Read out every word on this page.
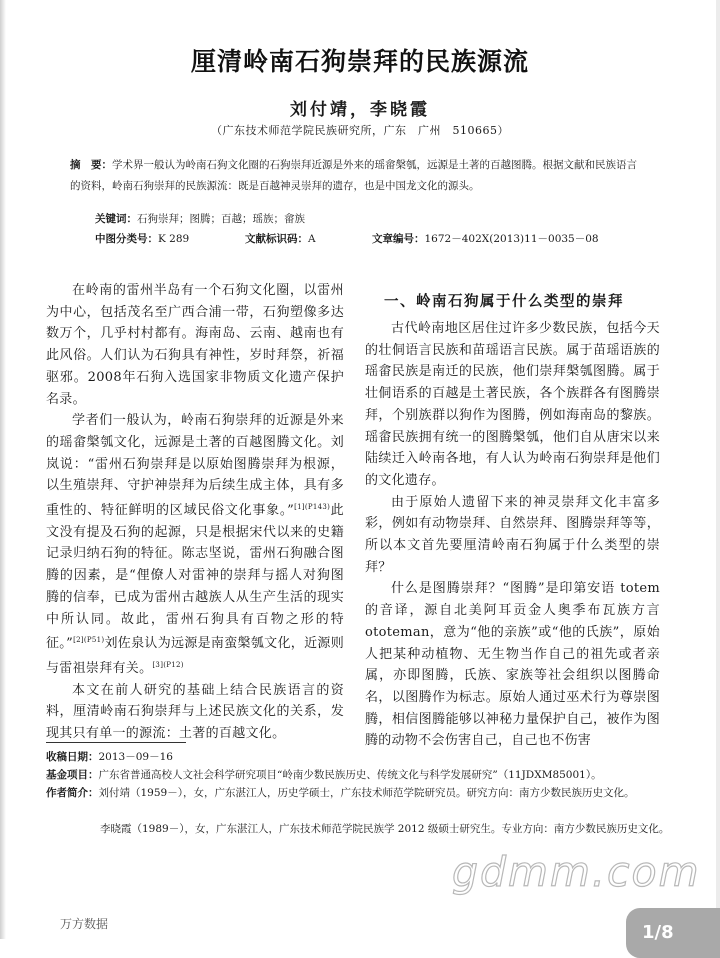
厘清岭南石狗崇拜的民族源流
刘付靖，李晓霞
（广东技术师范学院民族研究所，广东　广州　510665）
摘　要：学术界一般认为岭南石狗文化圈的石狗崇拜近源是外来的瑶畲槃瓠，远源是土著的百越图腾。根据文献和民族语言的资料，岭南石狗崇拜的民族源流：既是百越神灵崇拜的遗存，也是中国龙文化的源头。
关键词：石狗崇拜；图腾；百越；瑶族；畲族
中图分类号：K 289	文献标识码：A	文章编号：1672－402X(2013)11－0035－08

在岭南的雷州半岛有一个石狗文化圈，以雷州为中心，包括茂名至广西合浦一带，石狗塑像多达数万个，几乎村村都有。海南岛、云南、越南也有此风俗。人们认为石狗具有神性，岁时拜祭，祈福驱邪。2008年石狗入选国家非物质文化遗产保护名录。

学者们一般认为，岭南石狗崇拜的近源是外来的瑶畲槃瓠文化，远源是土著的百越图腾文化。刘岚说：“雷州石狗崇拜是以原始图腾崇拜为根源，以生殖崇拜、守护神崇拜为后续生成主体，具有多重性的、特征鲜明的区域民俗文化事象。”$^{[1](P143)}$此文没有提及石狗的起源，只是根据宋代以来的史籍记录归纳石狗的特征。陈志坚说，雷州石狗融合图腾的因素，是“俚僚人对雷神的崇拜与摇人对狗图腾的信奉，已成为雷州古越族人从生产生活的现实中所认同。故此，雷州石狗具有百物之形的特征。”$^{[2](P51)}$刘佐泉认为远源是南蛮槃瓠文化，近源则与雷祖崇拜有关。$^{[3](P12)}$

本文在前人研究的基础上结合民族语言的资料，厘清岭南石狗崇拜与上述民族文化的关系，发现其只有单一的源流：土著的百越文化。

一、岭南石狗属于什么类型的崇拜

古代岭南地区居住过许多少数民族，包括今天的壮侗语言民族和苗瑶语言民族。属于苗瑶语族的瑶畲民族是南迁的民族，他们崇拜槃瓠图腾。属于壮侗语系的百越是土著民族，各个族群各有图腾崇拜，个别族群以狗作为图腾，例如海南岛的黎族。瑶畲民族拥有统一的图腾槃瓠，他们自从唐宋以来陆续迁入岭南各地，有人认为岭南石狗崇拜是他们的文化遗存。

由于原始人遗留下来的神灵崇拜文化丰富多彩，例如有动物崇拜、自然崇拜、图腾崇拜等等，所以本文首先要厘清岭南石狗属于什么类型的崇拜？

什么是图腾崇拜？“图腾”是印第安语 totem 的音译，源自北美阿耳贡金人奥季布瓦族方言 ototeman，意为“他的亲族”或“他的氏族”，原始人把某种动植物、无生物当作自己的祖先或者亲属，亦即图腾，氏族、家族等社会组织以图腾命名，以图腾作为标志。原始人通过巫术行为尊崇图腾，相信图腾能够以神秘力量保护自己，被作为图腾的动物不会伤害自己，自己也不伤害

收稿日期：2013－09－16
基金项目：广东省普通高校人文社会科学研究项目“岭南少数民族历史、传统文化与科学发展研究”（11JDXM85001）。
作者简介：刘付靖（1959－），女，广东湛江人，历史学硕士，广东技术师范学院研究员。研究方向：南方少数民族历史文化。
李晓霞（1989－），女，广东湛江人，广东技术师范学院民族学 2012 级硕士研究生。专业方向：南方少数民族历史文化。
gdmm.com
万方数据	1/8
